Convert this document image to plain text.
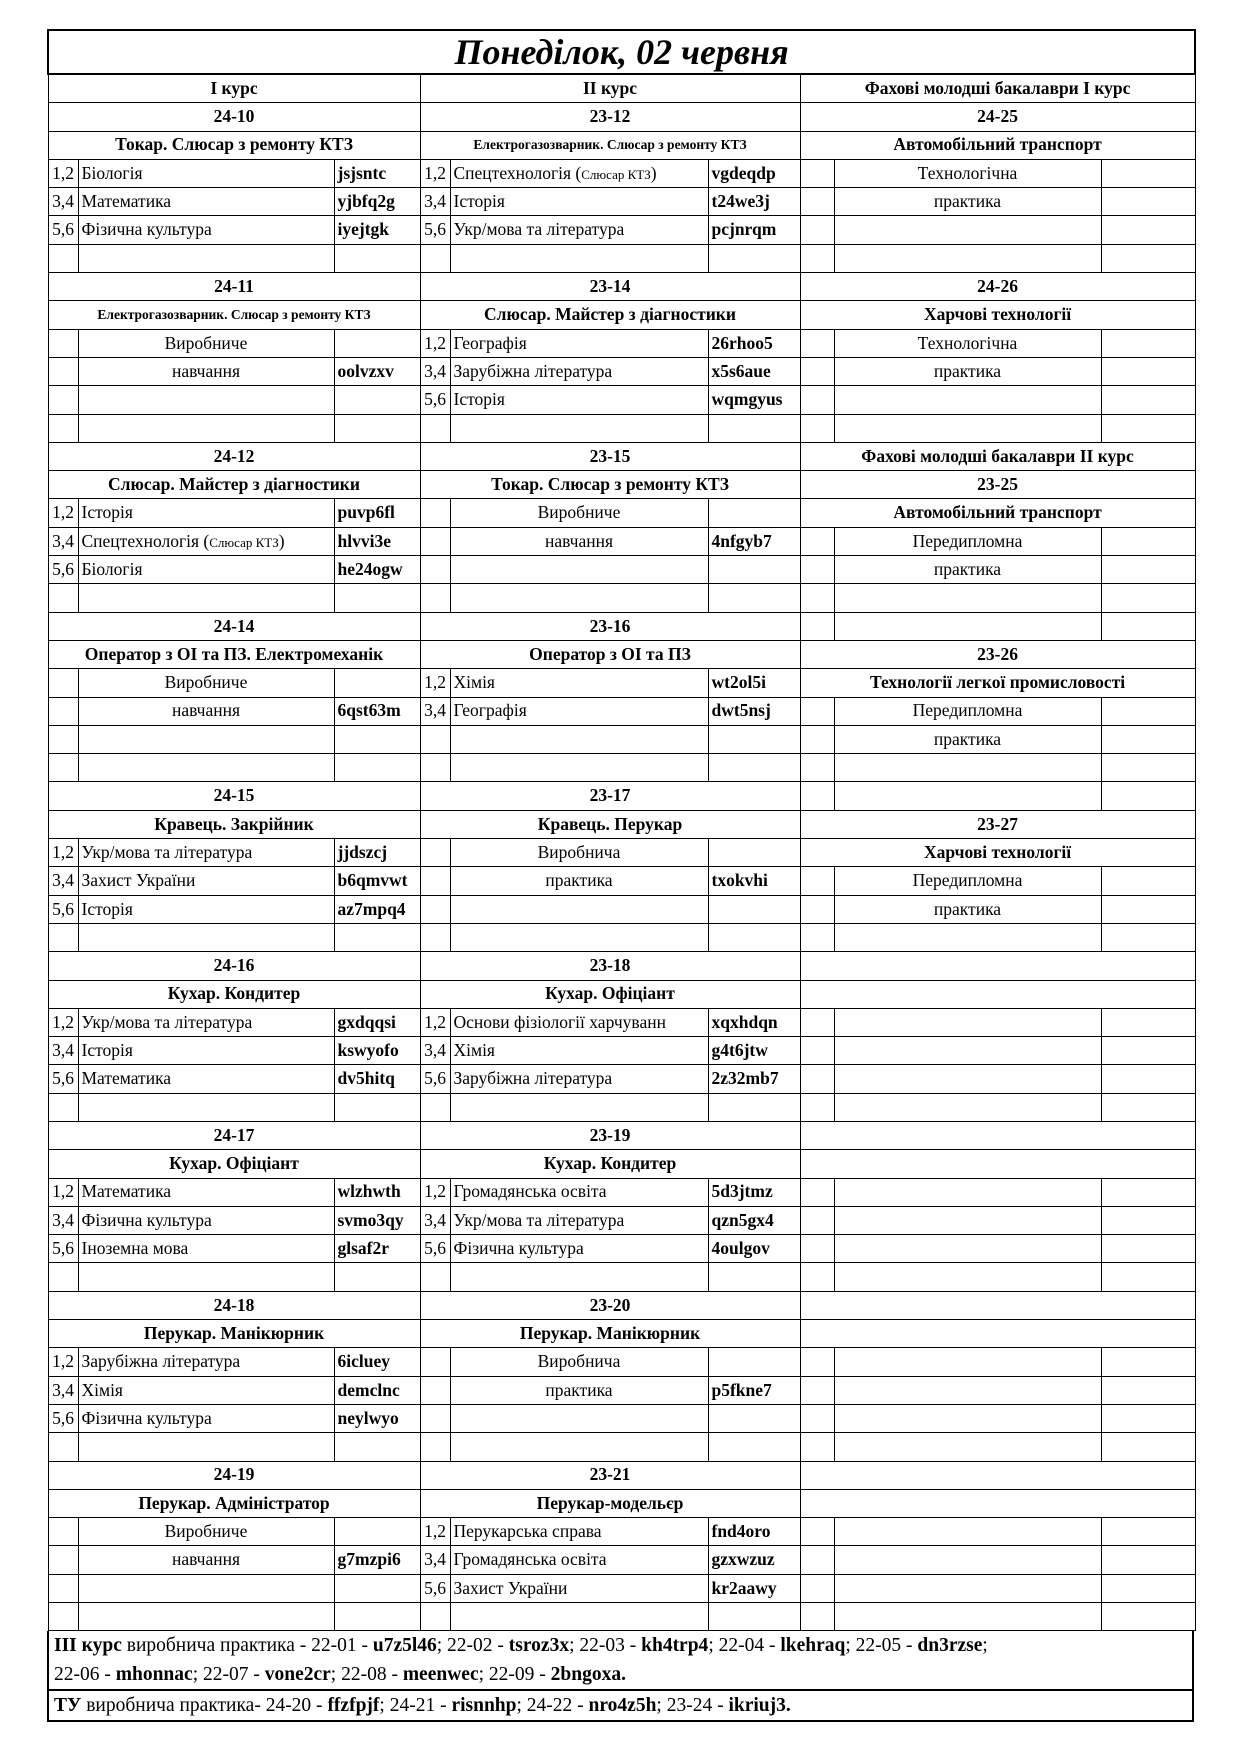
Понеділок, 02 червня								
I курс			II курс			Фахові молодші бакалаври I курс		
24-10			23-12			24-25		
Токар. Слюсар з ремонту КТЗ			Електрогазозварник. Слюсар з ремонту КТЗ			Автомобільний транспорт		
1,2	Біологія	jsjsntc	1,2	Спецтехнологія (Слюсар КТЗ)	vgdeqdp		Технологічна	
3,4	Математика	yjbfq2g	3,4	Історія	t24we3j		практика	
5,6	Фізична культура	iyejtgk	5,6	Укр/мова та література	pcjnrqm			

24-11			23-14			24-26		
Електрогазозварник. Слюсар з ремонту КТЗ			Слюсар. Майстер з діагностики			Харчові технології		
	Виробниче		1,2	Географія	26rhoo5		Технологічна	
	навчання	oolvzxv	3,4	Зарубіжна література	x5s6aue		практика	
			5,6	Історія	wqmgyus			

24-12			23-15			Фахові молодші бакалаври II курс		
Слюсар. Майстер з діагностики			Токар. Слюсар з ремонту КТЗ			23-25		
1,2	Історія	puvp6fl		Виробниче		Автомобільний транспорт		
3,4	Спецтехнологія (Слюсар КТЗ)	hlvvi3e		навчання	4nfgyb7		Передипломна	
5,6	Біологія	he24ogw					практика	

24-14			23-16					
Оператор з ОІ та ПЗ. Електромеханік			Оператор з ОІ та ПЗ			23-26		
	Виробниче		1,2	Хімія	wt2ol5i	Технології легкої промисловості		
	навчання	6qst63m	3,4	Географія	dwt5nsj		Передипломна	
							практика	

24-15			23-17					
Кравець. Закрійник			Кравець. Перукар			23-27		
1,2	Укр/мова та література	jjdszcj		Виробнича		Харчові технології		
3,4	Захист України	b6qmvwt		практика	txokvhi		Передипломна	
5,6	Історія	az7mpq4					практика	

24-16			23-18					
Кухар. Кондитер			Кухар. Офіціант					
1,2	Укр/мова та література	gxdqqsi	1,2	Основи фізіології харчуванн	xqxhdqn			
3,4	Історія	kswyofo	3,4	Хімія	g4t6jtw			
5,6	Математика	dv5hitq	5,6	Зарубіжна література	2z32mb7			

24-17			23-19					
Кухар. Офіціант			Кухар. Кондитер					
1,2	Математика	wlzhwth	1,2	Громадянська освіта	5d3jtmz			
3,4	Фізична культура	svmo3qy	3,4	Укр/мова та література	qzn5gx4			
5,6	Іноземна мова	glsaf2r	5,6	Фізична культура	4oulgov			

24-18			23-20					
Перукар. Манікюрник			Перукар. Манікюрник					
1,2	Зарубіжна література	6icluey		Виробнича				
3,4	Хімія	demclnc		практика	p5fkne7			
5,6	Фізична культура	neylwyo						

24-19			23-21					
Перукар. Адміністратор			Перукар-модельєр					
	Виробниче		1,2	Перукарська справа	fnd4oro			
	навчання	g7mzpi6	3,4	Громадянська освіта	gzxwzuz			
			5,6	Захист України	kr2aawy			

III курс виробнича практика - 22-01 - u7z5l46; 22-02 - tsroz3x; 22-03 - kh4trp4; 22-04 - lkehraq; 22-05 - dn3rzse;
22-06 - mhonnac; 22-07 - vone2cr; 22-08 - meenwec; 22-09 - 2bngoxa.
ТУ виробнича практика- 24-20 - ffzfpjf; 24-21 - risnnhp; 24-22 - nro4z5h; 23-24 - ikriuj3.
